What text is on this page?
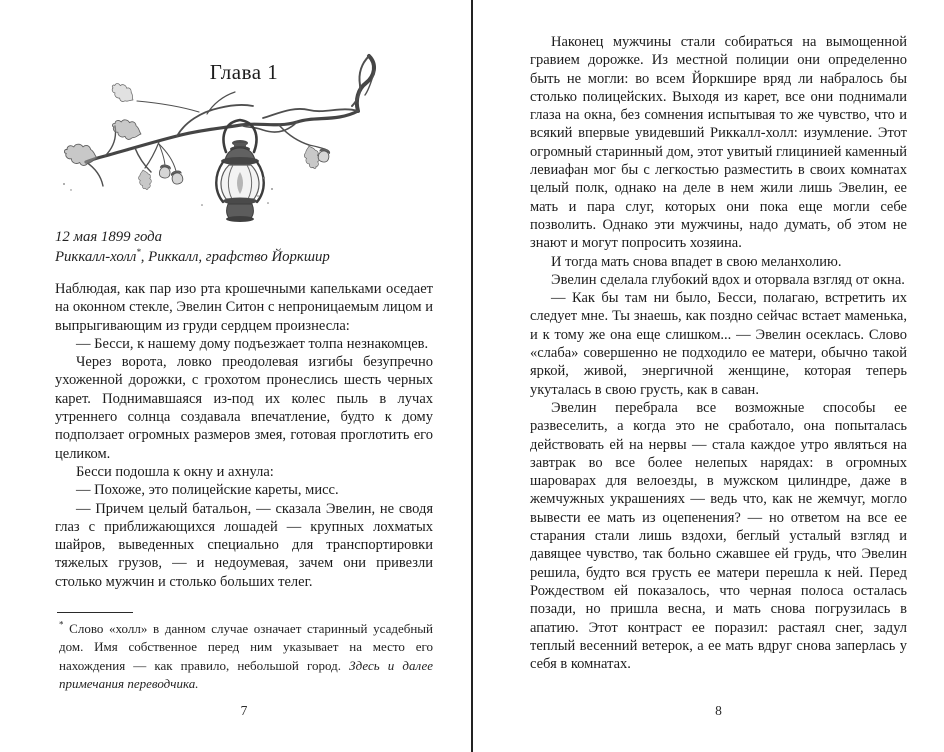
Глава 1
12 мая 1899 года
Риккалл-холл*, Риккалл, графство Йоркшир

Наблюдая, как пар изо рта крошечными капельками оседает на оконном стекле, Эвелин Ситон с непроницаемым лицом и выпрыгивающим из груди сердцем произнесла:

— Бесси, к нашему дому подъезжает толпа незнакомцев.

Через ворота, ловко преодолевая изгибы безупречно ухоженной дорожки, с грохотом пронеслись шесть черных карет. Поднимавшаяся из-под их колес пыль в лучах утреннего солнца создавала впечатление, будто к дому подползает огромных размеров змея, готовая проглотить его целиком.

Бесси подошла к окну и ахнула:

— Похоже, это полицейские кареты, мисс.

— Причем целый батальон, — сказала Эвелин, не сводя глаз с приближающихся лошадей — крупных лохматых шайров, выведенных специально для транспортировки тяжелых грузов, — и недоумевая, зачем они привезли столько мужчин и столько больших телег.

* Слово «холл» в данном случае означает старинный усадебный дом. Имя собственное перед ним указывает на место его нахождения — как правило, небольшой город. Здесь и далее примечания переводчика.

7

Наконец мужчины стали собираться на вымощенной гравием дорожке. Из местной полиции они определенно быть не могли: во всем Йоркшире вряд ли набралось бы столько полицейских. Выходя из карет, все они поднимали глаза на окна, без сомнения испытывая то же чувство, что и всякий впервые увидевший Риккалл-холл: изумление. Этот огромный старинный дом, этот увитый глицинией каменный левиафан мог бы с легкостью разместить в своих комнатах целый полк, однако на деле в нем жили лишь Эвелин, ее мать и пара слуг, которых они пока еще могли себе позволить. Однако эти мужчины, надо думать, об этом не знают и могут попросить хозяина.

И тогда мать снова впадет в свою меланхолию.

Эвелин сделала глубокий вдох и оторвала взгляд от окна.

— Как бы там ни было, Бесси, полагаю, встретить их следует мне. Ты знаешь, как поздно сейчас встает маменька, и к тому же она еще слишком... — Эвелин осеклась. Слово «слаба» совершенно не подходило ее матери, обычно такой яркой, живой, энергичной женщине, которая теперь укуталась в свою грусть, как в саван.

Эвелин перебрала все возможные способы ее развеселить, а когда это не сработало, она попыталась действовать ей на нервы — стала каждое утро являться на завтрак во все более нелепых нарядах: в огромных шароварах для велоезды, в мужском цилиндре, даже в жемчужных украшениях — ведь что, как не жемчуг, могло вывести ее мать из оцепенения? — но ответом на все ее старания стали лишь вздохи, беглый усталый взгляд и давящее чувство, так больно сжавшее ей грудь, что Эвелин решила, будто вся грусть ее матери перешла к ней. Перед Рождеством ей показалось, что черная полоса осталась позади, но пришла весна, и мать снова погрузилась в апатию. Этот контраст ее поразил: растаял снег, задул теплый весенний ветерок, а ее мать вдруг снова заперлась у себя в комнатах.

8
